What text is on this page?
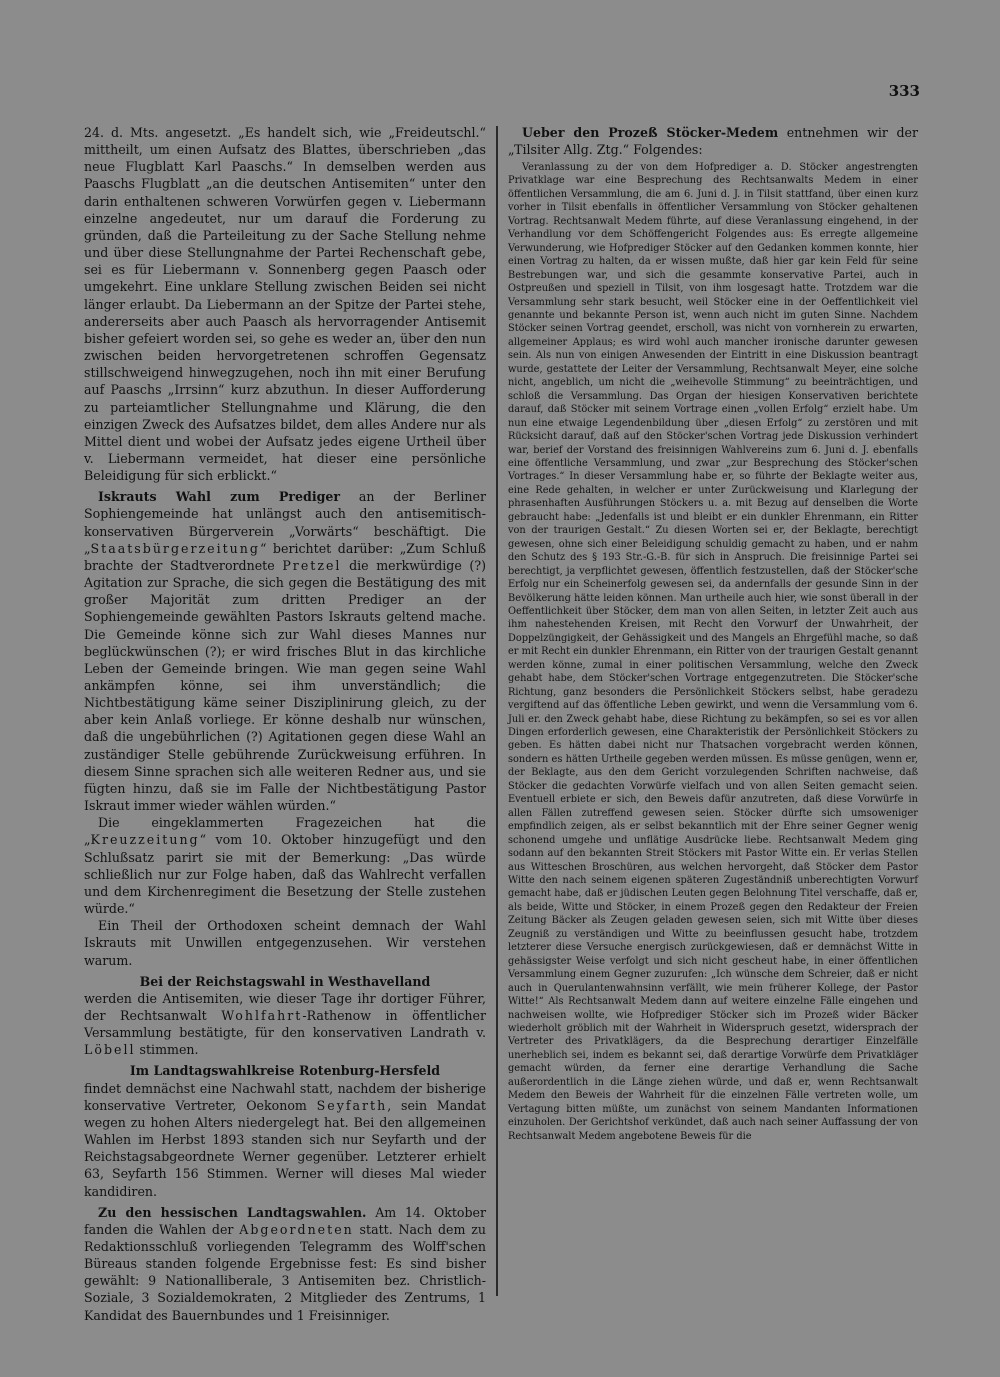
333

24. d. Mts. angesetzt. „Es handelt sich, wie „Freideutschl.“ mittheilt, um einen Aufsatz des Blattes, überschrieben „das neue Flugblatt Karl Paaschs.“ In demselben werden aus Paaschs Flugblatt „an die deutschen Antisemiten“ unter den darin enthaltenen schweren Vorwürfen gegen v. Liebermann einzelne angedeutet, nur um darauf die Forderung zu gründen, daß die Parteileitung zu der Sache Stellung nehme und über diese Stellungnahme der Partei Rechenschaft gebe, sei es für Liebermann v. Sonnenberg gegen Paasch oder umgekehrt. Eine unklare Stellung zwischen Beiden sei nicht länger erlaubt. Da Liebermann an der Spitze der Partei stehe, andererseits aber auch Paasch als hervorragender Antisemit bisher gefeiert worden sei, so gehe es weder an, über den nun zwischen beiden hervorgetretenen schroffen Gegensatz stillschweigend hinwegzugehen, noch ihn mit einer Berufung auf Paaschs „Irrsinn“ kurz abzuthun. In dieser Aufforderung zu parteiamtlicher Stellungnahme und Klärung, die den einzigen Zweck des Aufsatzes bildet, dem alles Andere nur als Mittel dient und wobei der Aufsatz jedes eigene Urtheil über v. Liebermann vermeidet, hat dieser eine persönliche Beleidigung für sich erblickt.“

Iskrauts Wahl zum Prediger an der Berliner Sophiengemeinde hat unlängst auch den antisemitisch-konservativen Bürgerverein „Vorwärts“ beschäftigt. Die „Staatsbürgerzeitung“ berichtet darüber: „Zum Schluß brachte der Stadtverordnete Pretzel die merkwürdige (?) Agitation zur Sprache, die sich gegen die Bestätigung des mit großer Majorität zum dritten Prediger an der Sophiengemeinde gewählten Pastors Iskrauts geltend mache. Die Gemeinde könne sich zur Wahl dieses Mannes nur beglückwünschen (?); er wird frisches Blut in das kirchliche Leben der Gemeinde bringen. Wie man gegen seine Wahl ankämpfen könne, sei ihm unverständlich; die Nichtbestätigung käme seiner Disziplinirung gleich, zu der aber kein Anlaß vorliege. Er könne deshalb nur wünschen, daß die ungebührlichen (?) Agitationen gegen diese Wahl an zuständiger Stelle gebührende Zurückweisung erführen. In diesem Sinne sprachen sich alle weiteren Redner aus, und sie fügten hinzu, daß sie im Falle der Nichtbestätigung Pastor Iskraut immer wieder wählen würden.“

Die eingeklammerten Fragezeichen hat die „Kreuzzeitung“ vom 10. Oktober hinzugefügt und den Schlußsatz parirt sie mit der Bemerkung: „Das würde schließlich nur zur Folge haben, daß das Wahlrecht verfallen und dem Kirchenregiment die Besetzung der Stelle zustehen würde.“

Ein Theil der Orthodoxen scheint demnach der Wahl Iskrauts mit Unwillen entgegenzusehen. Wir verstehen warum.

Bei der Reichstagswahl in Westhavelland

werden die Antisemiten, wie dieser Tage ihr dortiger Führer, der Rechtsanwalt Wohlfahrt-Rathenow in öffentlicher Versammlung bestätigte, für den konservativen Landrath v. Löbell stimmen.

Im Landtagswahlkreise Rotenburg-Hersfeld

findet demnächst eine Nachwahl statt, nachdem der bisherige konservative Vertreter, Oekonom Seyfarth, sein Mandat wegen zu hohen Alters niedergelegt hat. Bei den allgemeinen Wahlen im Herbst 1893 standen sich nur Seyfarth und der Reichstagsabgeordnete Werner gegenüber. Letzterer erhielt 63, Seyfarth 156 Stimmen. Werner will dieses Mal wieder kandidiren.

Zu den hessischen Landtagswahlen. Am 14. Oktober fanden die Wahlen der Abgeordneten statt. Nach dem zu Redaktionsschluß vorliegenden Telegramm des Wolff'schen Büreaus standen folgende Ergebnisse fest: Es sind bisher gewählt: 9 Nationalliberale, 3 Antisemiten bez. Christlich-Soziale, 3 Sozialdemokraten, 2 Mitglieder des Zentrums, 1 Kandidat des Bauernbundes und 1 Freisinniger.

Ueber den Prozeß Stöcker-Medem entnehmen wir der „Tilsiter Allg. Ztg.“ Folgendes:

Veranlassung zu der von dem Hofprediger a. D. Stöcker angestrengten Privatklage war eine Besprechung des Rechtsanwalts Medem in einer öffentlichen Versammlung, die am 6. Juni d. J. in Tilsit stattfand, über einen kurz vorher in Tilsit ebenfalls in öffentlicher Versammlung von Stöcker gehaltenen Vortrag. Rechtsanwalt Medem führte, auf diese Veranlassung eingehend, in der Verhandlung vor dem Schöffengericht Folgendes aus: Es erregte allgemeine Verwunderung, wie Hofprediger Stöcker auf den Gedanken kommen konnte, hier einen Vortrag zu halten, da er wissen mußte, daß hier gar kein Feld für seine Bestrebungen war, und sich die gesammte konservative Partei, auch in Ostpreußen und speziell in Tilsit, von ihm losgesagt hatte. Trotzdem war die Versammlung sehr stark besucht, weil Stöcker eine in der Oeffentlichkeit viel genannte und bekannte Person ist, wenn auch nicht im guten Sinne. Nachdem Stöcker seinen Vortrag geendet, erscholl, was nicht von vornherein zu erwarten, allgemeiner Applaus; es wird wohl auch mancher ironische darunter gewesen sein. Als nun von einigen Anwesenden der Eintritt in eine Diskussion beantragt wurde, gestattete der Leiter der Versammlung, Rechtsanwalt Meyer, eine solche nicht, angeblich, um nicht die „weihevolle Stimmung“ zu beeinträchtigen, und schloß die Versammlung. Das Organ der hiesigen Konservativen berichtete darauf, daß Stöcker mit seinem Vortrage einen „vollen Erfolg“ erzielt habe. Um nun eine etwaige Legendenbildung über „diesen Erfolg“ zu zerstören und mit Rücksicht darauf, daß auf den Stöcker'schen Vortrag jede Diskussion verhindert war, berief der Vorstand des freisinnigen Wahlvereins zum 6. Juni d. J. ebenfalls eine öffentliche Versammlung, und zwar „zur Besprechung des Stöcker'schen Vortrages.“ In dieser Versammlung habe er, so führte der Beklagte weiter aus, eine Rede gehalten, in welcher er unter Zurückweisung und Klarlegung der phrasenhaften Ausführungen Stöckers u. a. mit Bezug auf denselben die Worte gebraucht habe: „Jedenfalls ist und bleibt er ein dunkler Ehrenmann, ein Ritter von der traurigen Gestalt.“ Zu diesen Worten sei er, der Beklagte, berechtigt gewesen, ohne sich einer Beleidigung schuldig gemacht zu haben, und er nahm den Schutz des § 193 Str.-G.-B. für sich in Anspruch. Die freisinnige Partei sei berechtigt, ja verpflichtet gewesen, öffentlich festzustellen, daß der Stöcker'sche Erfolg nur ein Scheinerfolg gewesen sei, da andernfalls der gesunde Sinn in der Bevölkerung hätte leiden können. Man urtheile auch hier, wie sonst überall in der Oeffentlichkeit über Stöcker, dem man von allen Seiten, in letzter Zeit auch aus ihm nahestehenden Kreisen, mit Recht den Vorwurf der Unwahrheit, der Doppelzüngigkeit, der Gehässigkeit und des Mangels an Ehrgefühl mache, so daß er mit Recht ein dunkler Ehrenmann, ein Ritter von der traurigen Gestalt genannt werden könne, zumal in einer politischen Versammlung, welche den Zweck gehabt habe, dem Stöcker'schen Vortrage entgegenzutreten. Die Stöcker'sche Richtung, ganz besonders die Persönlichkeit Stöckers selbst, habe geradezu vergiftend auf das öffentliche Leben gewirkt, und wenn die Versammlung vom 6. Juli er. den Zweck gehabt habe, diese Richtung zu bekämpfen, so sei es vor allen Dingen erforderlich gewesen, eine Charakteristik der Persönlichkeit Stöckers zu geben. Es hätten dabei nicht nur Thatsachen vorgebracht werden können, sondern es hätten Urtheile gegeben werden müssen. Es müsse genügen, wenn er, der Beklagte, aus den dem Gericht vorzulegenden Schriften nachweise, daß Stöcker die gedachten Vorwürfe vielfach und von allen Seiten gemacht seien. Eventuell erbiete er sich, den Beweis dafür anzutreten, daß diese Vorwürfe in allen Fällen zutreffend gewesen seien. Stöcker dürfte sich umsoweniger empfindlich zeigen, als er selbst bekanntlich mit der Ehre seiner Gegner wenig schonend umgehe und unflätige Ausdrücke liebe. Rechtsanwalt Medem ging sodann auf den bekannten Streit Stöckers mit Pastor Witte ein. Er verlas Stellen aus Witteschen Broschüren, aus welchen hervorgeht, daß Stöcker dem Pastor Witte den nach seinem eigenen späteren Zugeständniß unberechtigten Vorwurf gemacht habe, daß er jüdischen Leuten gegen Belohnung Titel verschaffe, daß er, als beide, Witte und Stöcker, in einem Prozeß gegen den Redakteur der Freien Zeitung Bäcker als Zeugen geladen gewesen seien, sich mit Witte über dieses Zeugniß zu verständigen und Witte zu beeinflussen gesucht habe, trotzdem letzterer diese Versuche energisch zurückgewiesen, daß er demnächst Witte in gehässigster Weise verfolgt und sich nicht gescheut habe, in einer öffentlichen Versammlung einem Gegner zuzurufen: „Ich wünsche dem Schreier, daß er nicht auch in Querulantenwahnsinn verfällt, wie mein früherer Kollege, der Pastor Witte!“ Als Rechtsanwalt Medem dann auf weitere einzelne Fälle eingehen und nachweisen wollte, wie Hofprediger Stöcker sich im Prozeß wider Bäcker wiederholt gröblich mit der Wahrheit in Widerspruch gesetzt, widersprach der Vertreter des Privatklägers, da die Besprechung derartiger Einzelfälle unerheblich sei, indem es bekannt sei, daß derartige Vorwürfe dem Privatkläger gemacht würden, da ferner eine derartige Verhandlung die Sache außerordentlich in die Länge ziehen würde, und daß er, wenn Rechtsanwalt Medem den Beweis der Wahrheit für die einzelnen Fälle vertreten wolle, um Vertagung bitten müßte, um zunächst von seinem Mandanten Informationen einzuholen. Der Gerichtshof verkündet, daß auch nach seiner Auffassung der von Rechtsanwalt Medem angebotene Beweis für die
